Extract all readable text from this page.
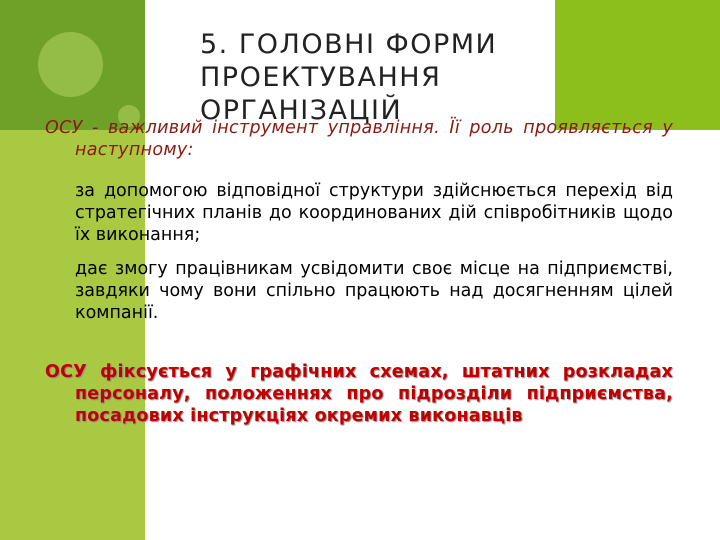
5. ГОЛОВНІ ФОРМИ ПРОЕКТУВАННЯ ОРГАНІЗАЦІЙ

ОСУ - важливий інструмент управління. Її роль проявляється у наступному:

за допомогою відповідної структури здійснюється перехід від стратегічних планів до координованих дій співробітників щодо їх виконання;
дає змогу працівникам усвідомити своє місце на підприємстві, завдяки чому вони спільно працюють над досягненням цілей компанії.

ОСУ фіксується у графічних схемах, штатних розкладах персоналу, положеннях про підрозділи підприємства, посадових інструкціях окремих виконавців
